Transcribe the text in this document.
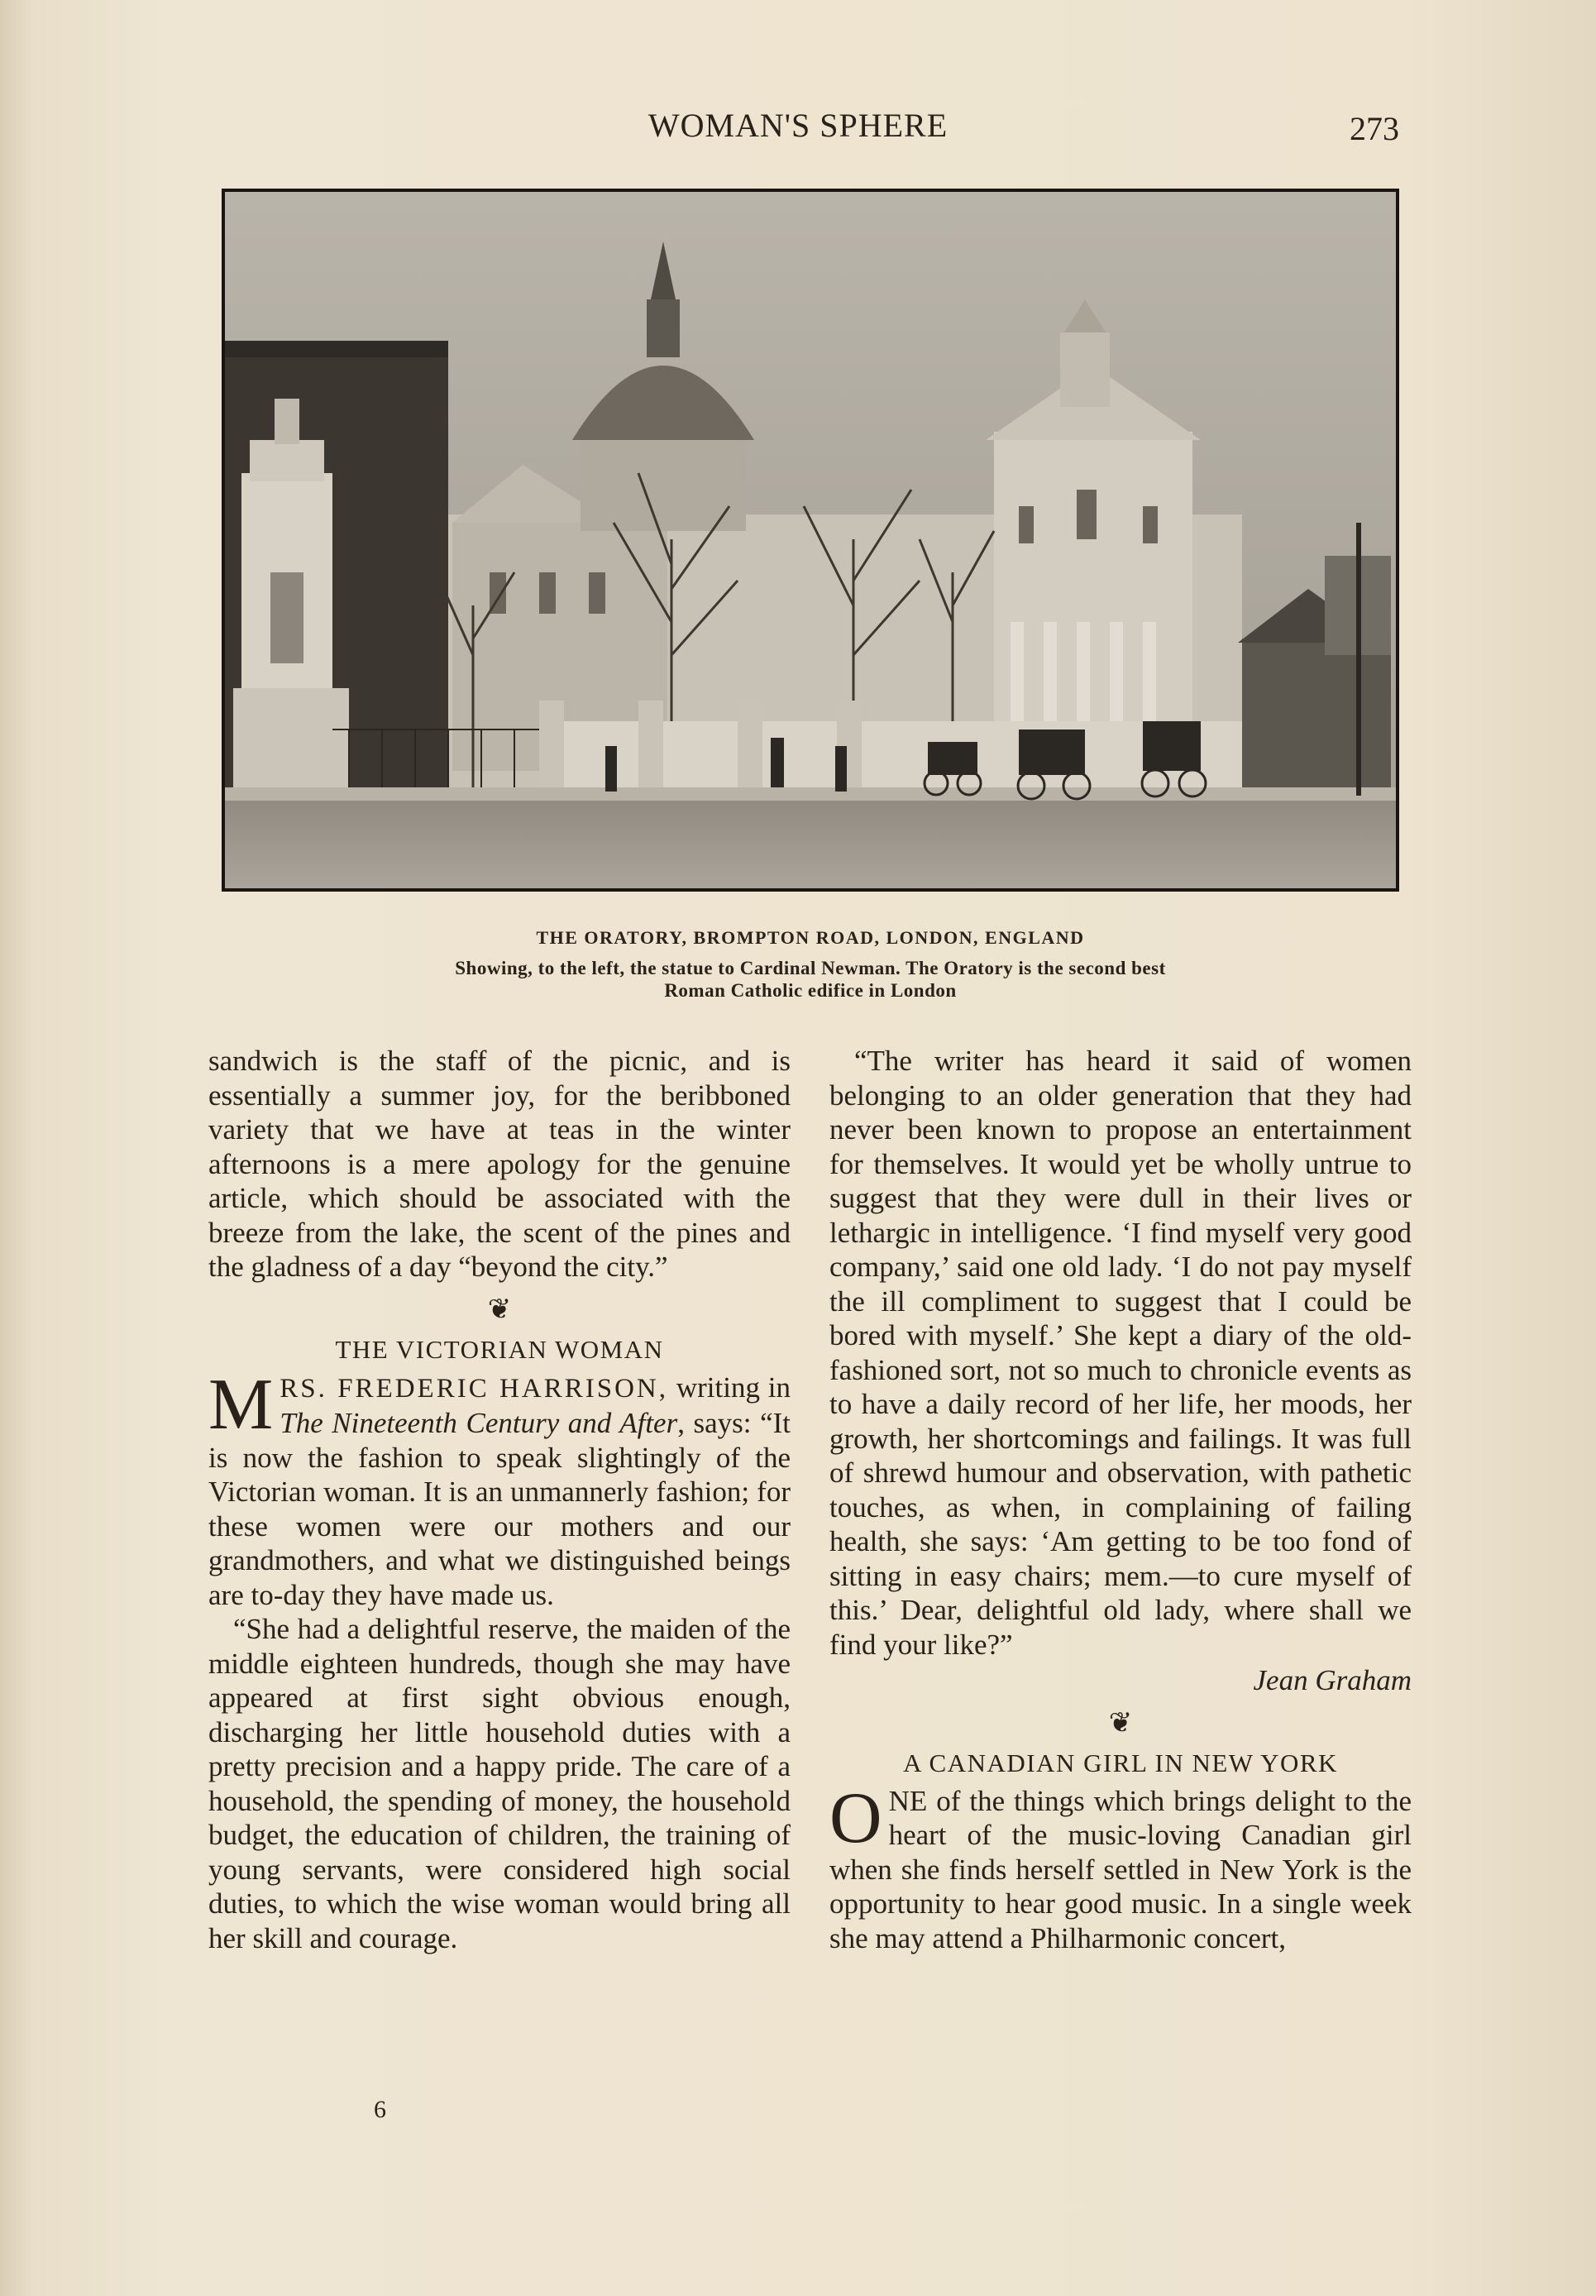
WOMAN'S SPHERE	273
THE ORATORY, BROMPTON ROAD, LONDON, ENGLAND
Showing, to the left, the statue to Cardinal Newman. The Oratory is the second best
Roman Catholic edifice in London

sandwich is the staff of the picnic, and is essentially a summer joy, for the beribboned variety that we have at teas in the winter afternoons is a mere apology for the genuine article, which should be associated with the breeze from the lake, the scent of the pines and the gladness of a day “beyond the city.”

❦
THE VICTORIAN WOMAN

MRS. FREDERIC HARRISON, writing in The Nineteenth Century and After, says: “It is now the fashion to speak slightingly of the Victorian woman. It is an unmannerly fashion; for these women were our mothers and our grandmothers, and what we distinguished beings are to-day they have made us.

“She had a delightful reserve, the maiden of the middle eighteen hundreds, though she may have appeared at first sight obvious enough, discharging her little household duties with a pretty precision and a happy pride. The care of a household, the spending of money, the household budget, the education of children, the training of young servants, were considered high social duties, to which the wise woman would bring all her skill and courage.

“The writer has heard it said of women belonging to an older generation that they had never been known to propose an entertainment for themselves. It would yet be wholly untrue to suggest that they were dull in their lives or lethargic in intelligence. ‘I find myself very good company,’ said one old lady. ‘I do not pay myself the ill compliment to suggest that I could be bored with myself.’ She kept a diary of the old-fashioned sort, not so much to chronicle events as to have a daily record of her life, her moods, her growth, her shortcomings and failings. It was full of shrewd humour and observation, with pathetic touches, as when, in complaining of failing health, she says: ‘Am getting to be too fond of sitting in easy chairs; mem.—to cure myself of this.’ Dear, delightful old lady, where shall we find your like?”

Jean Graham
❦
A CANADIAN GIRL IN NEW YORK

ONE of the things which brings delight to the heart of the music-loving Canadian girl when she finds herself settled in New York is the opportunity to hear good music. In a single week she may attend a Philharmonic concert,

6
